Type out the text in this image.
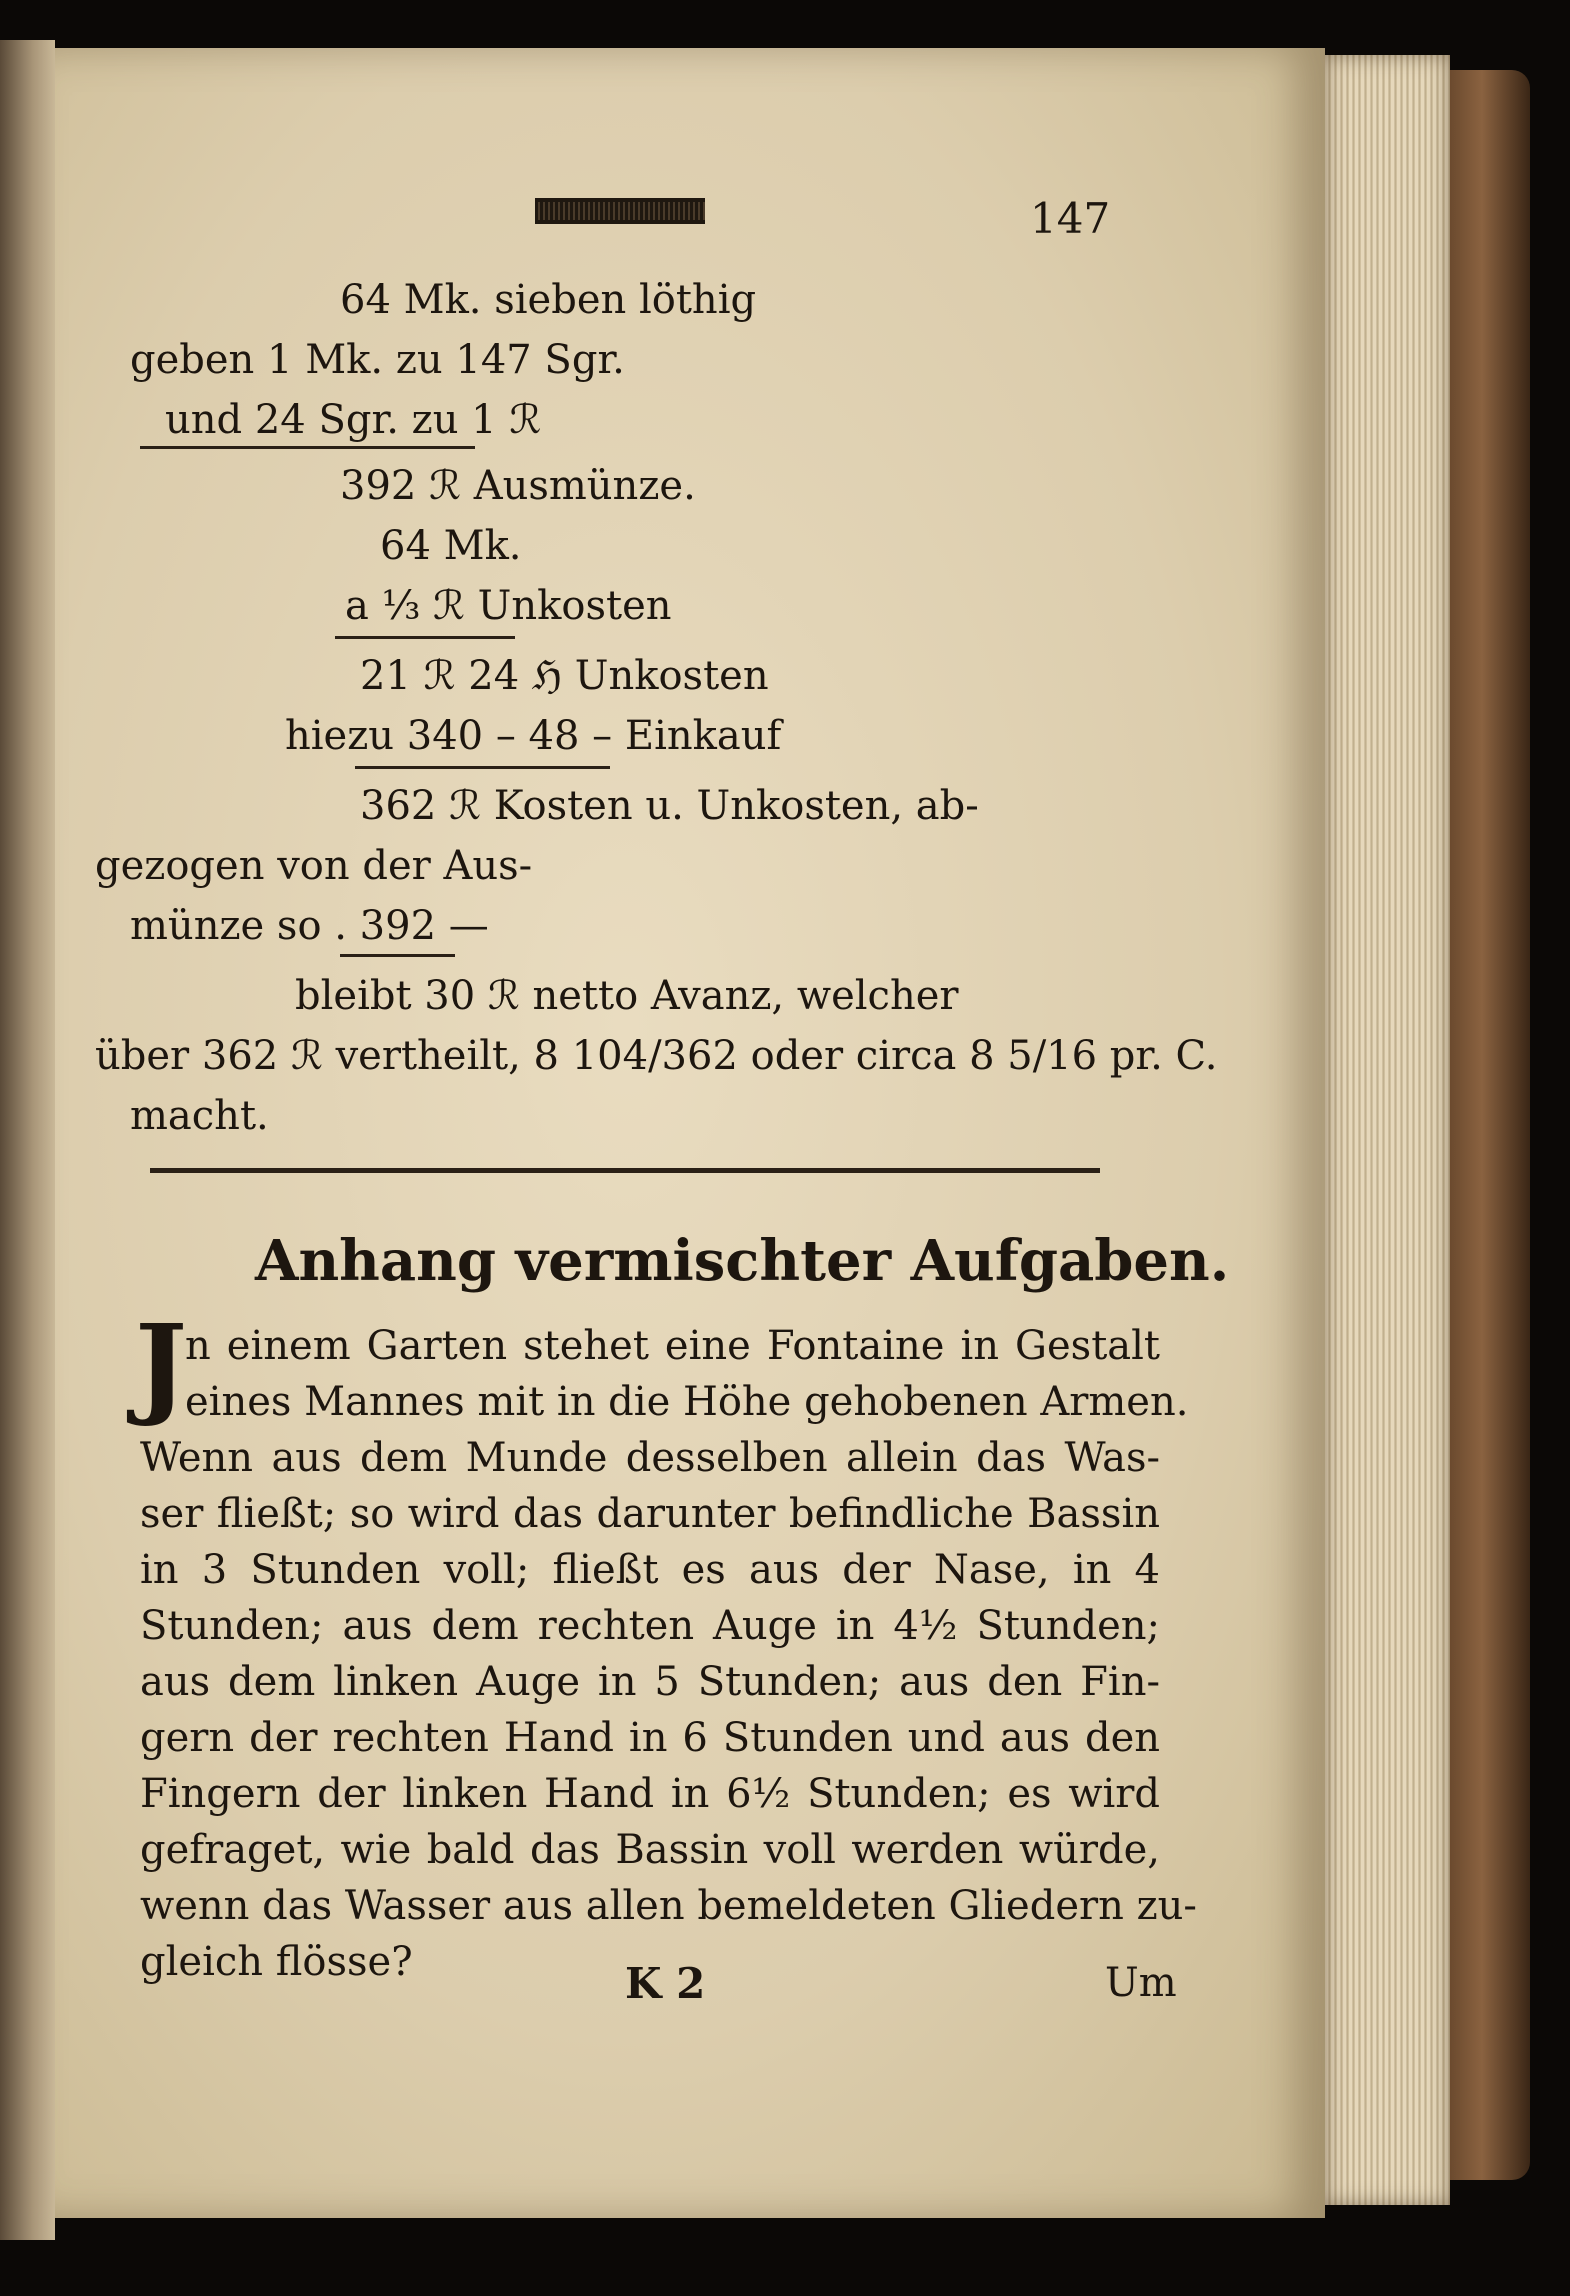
147
64 Mk. sieben löthig
geben 1 Mk. zu 147 Sgr.
und 24 Sgr. zu 1 ℛ
392 ℛ Ausmünze.
64 Mk.
a ⅓ ℛ Unkosten
21 ℛ 24 ℌ Unkosten
hiezu 340 – 48 – Einkauf
362 ℛ Kosten u. Unkosten, ab-
gezogen von der Aus-
münze so . 392 —
bleibt 30 ℛ netto Avanz, welcher
über 362 ℛ vertheilt, 8 104/362 oder circa 8 5/16 pr. C.
macht.
Anhang vermischter Aufgaben.
J
n einem Garten stehet eine Fontaine in Gestalt
eines Mannes mit in die Höhe gehobenen Armen.
Wenn aus dem Munde desselben allein das Was-
ser fließt; so wird das darunter befindliche Bassin
in 3 Stunden voll; fließt es aus der Nase, in 4
Stunden; aus dem rechten Auge in 4½ Stunden;
aus dem linken Auge in 5 Stunden; aus den Fin-
gern der rechten Hand in 6 Stunden und aus den
Fingern der linken Hand in 6½ Stunden; es wird
gefraget, wie bald das Bassin voll werden würde,
wenn das Wasser aus allen bemeldeten Gliedern zu-
gleich flösse?	K 2	Um
